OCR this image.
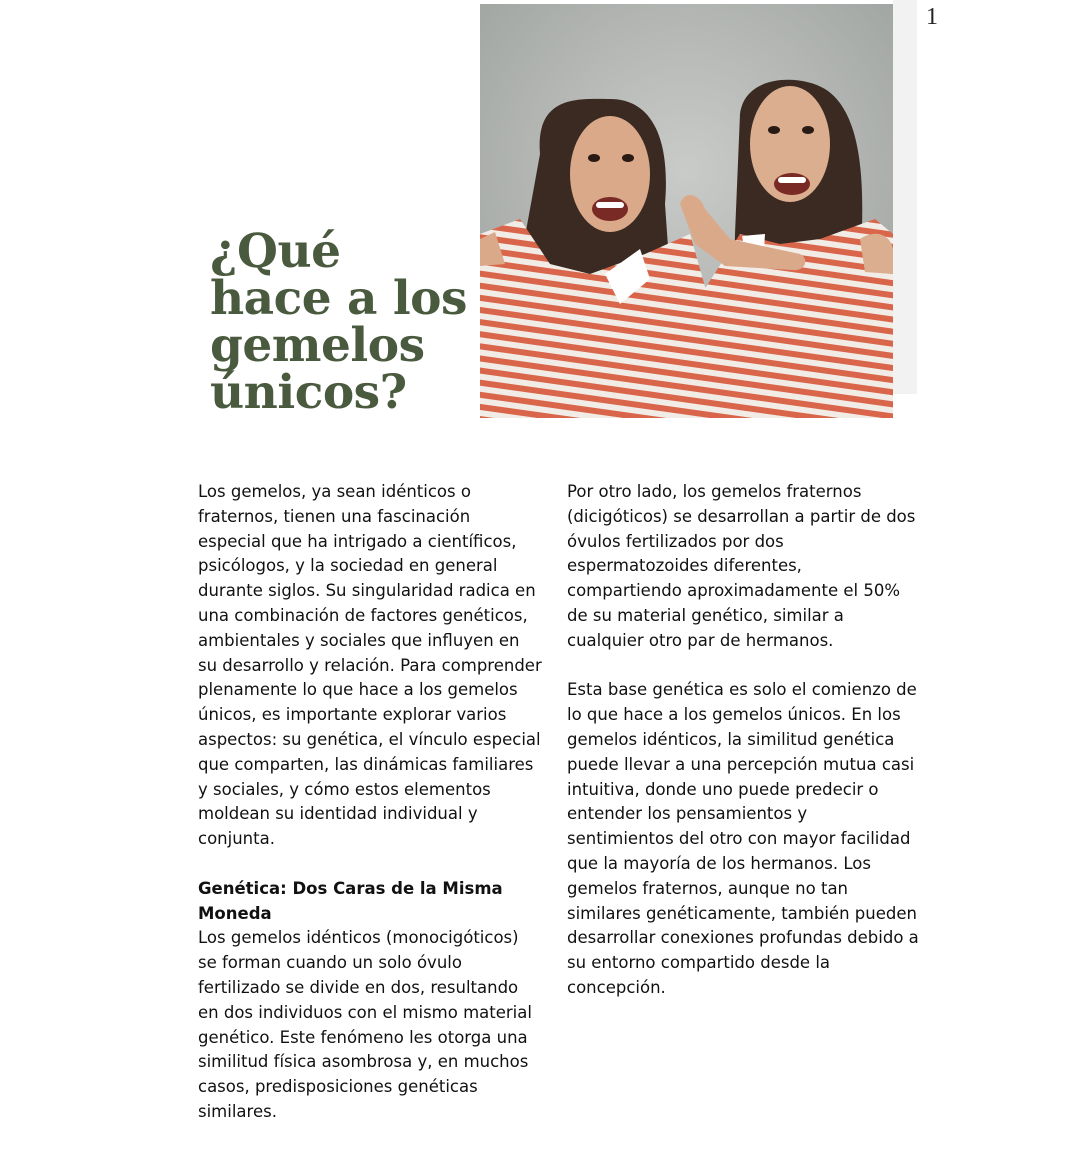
1
¿Qué
hace a los
gemelos
únicos?

Los gemelos, ya sean idénticos o fraternos, tienen una fascinación especial que ha intrigado a científicos, psicólogos, y la sociedad en general durante siglos. Su singularidad radica en una combinación de factores genéticos, ambientales y sociales que influyen en su desarrollo y relación. Para comprender plenamente lo que hace a los gemelos únicos, es importante explorar varios aspectos: su genética, el vínculo especial que comparten, las dinámicas familiares y sociales, y cómo estos elementos moldean su identidad individual y conjunta.

Genética: Dos Caras de la Misma Moneda
Los gemelos idénticos (monocigóticos) se forman cuando un solo óvulo fertilizado se divide en dos, resultando en dos individuos con el mismo material genético. Este fenómeno les otorga una similitud física asombrosa y, en muchos casos, predisposiciones genéticas similares.

Por otro lado, los gemelos fraternos (dicigóticos) se desarrollan a partir de dos óvulos fertilizados por dos espermatozoides diferentes, compartiendo aproximadamente el 50% de su material genético, similar a cualquier otro par de hermanos.

Esta base genética es solo el comienzo de lo que hace a los gemelos únicos. En los gemelos idénticos, la similitud genética puede llevar a una percepción mutua casi intuitiva, donde uno puede predecir o entender los pensamientos y sentimientos del otro con mayor facilidad que la mayoría de los hermanos. Los gemelos fraternos, aunque no tan similares genéticamente, también pueden desarrollar conexiones profundas debido a su entorno compartido desde la concepción.
